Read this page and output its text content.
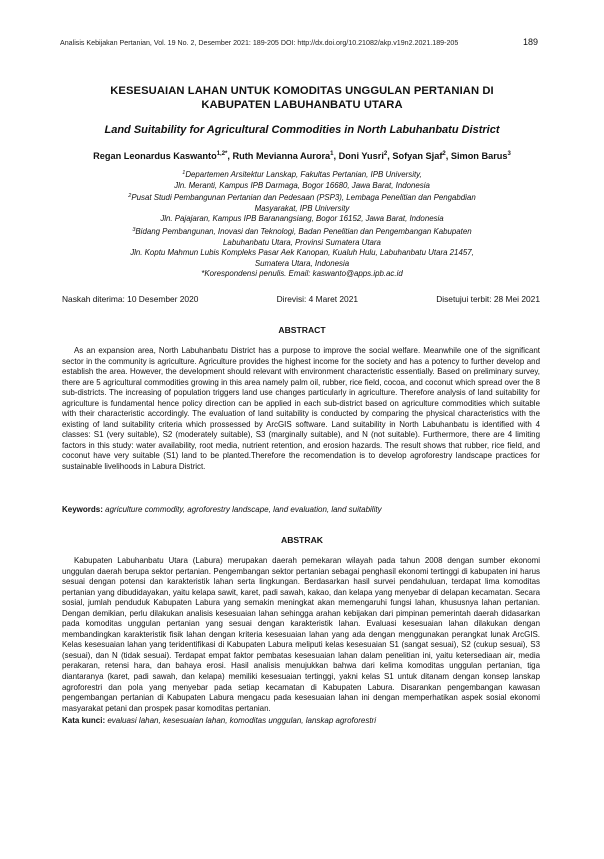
Analisis Kebijakan Pertanian, Vol. 19 No. 2, Desember 2021: 189-205 DOI: http://dx.doi.org/10.21082/akp.v19n2.2021.189-205	189
KESESUAIAN LAHAN UNTUK KOMODITAS UNGGULAN PERTANIAN DI
KABUPATEN LABUHANBATU UTARA
Land Suitability for Agricultural Commodities in North Labuhanbatu District
Regan Leonardus Kaswanto$^{1,2*}$, Ruth Mevianna Aurora$^1$, Doni Yusri$^2$, Sofyan Sjaf$^2$, Simon Barus$^3$

$^1$Departemen Arsitektur Lanskap, Fakultas Pertanian, IPB University,

Jln. Meranti, Kampus IPB Darmaga, Bogor 16680, Jawa Barat, Indonesia

$^2$Pusat Studi Pembangunan Pertanian dan Pedesaan (PSP3), Lembaga Penelitian dan Pengabdian

Masyarakat, IPB University

Jln. Pajajaran, Kampus IPB Baranangsiang, Bogor 16152, Jawa Barat, Indonesia

$^3$Bidang Pembangunan, Inovasi dan Teknologi, Badan Penelitian dan Pengembangan Kabupaten

Labuhanbatu Utara, Provinsi Sumatera Utara

Jln. Koptu Mahmun Lubis Kompleks Pasar Aek Kanopan, Kualuh Hulu, Labuhanbatu Utara 21457,

Sumatera Utara, Indonesia

*Korespondensi penulis. Email: kaswanto@apps.ipb.ac.id

Naskah diterima: 10 Desember 2020	Direvisi: 4 Maret 2021	Disetujui terbit: 28 Mei 2021
ABSTRACT

As an expansion area, North Labuhanbatu District has a purpose to improve the social welfare. Meanwhile one of the significant sector in the community is agriculture. Agriculture provides the highest income for the society and has a potency to further develop and establish the area. However, the development should relevant with environment characteristic essentially. Based on preliminary survey, there are 5 agricultural commodities growing in this area namely palm oil, rubber, rice field, cocoa, and coconut which spread over the 8 sub-districts. The increasing of population triggers land use changes particularly in agriculture. Therefore analysis of land suitability for agriculture is fundamental hence policy direction can be applied in each sub-district based on agriculture commodities which suitable with their characteristic accordingly. The evaluation of land suitability is conducted by comparing the physical characteristics with the existing of land suitability criteria which prossessed by ArcGIS software. Land suitability in North Labuhanbatu is identified with 4 classes: S1 (very suitable), S2 (moderately suitable), S3 (marginally suitable), and N (not suitable). Furthermore, there are 4 limiting factors in this study: water availability, root media, nutrient retention, and erosion hazards. The result shows that rubber, rice field, and coconut have very suitable (S1) land to be planted.Therefore the recomendation is to develop agroforestry landscape practices for sustainable livelihoods in Labura District.

Keywords: agriculture commodity, agroforestry landscape, land evaluation, land suitability
ABSTRAK

Kabupaten Labuhanbatu Utara (Labura) merupakan daerah pemekaran wilayah pada tahun 2008 dengan sumber ekonomi unggulan daerah berupa sektor pertanian. Pengembangan sektor pertanian sebagai penghasil ekonomi tertinggi di kabupaten ini harus sesuai dengan potensi dan karakteristik lahan serta lingkungan. Berdasarkan hasil survei pendahuluan, terdapat lima komoditas pertanian yang dibudidayakan, yaitu kelapa sawit, karet, padi sawah, kakao, dan kelapa yang menyebar di delapan kecamatan. Secara sosial, jumlah penduduk Kabupaten Labura yang semakin meningkat akan memengaruhi fungsi lahan, khususnya lahan pertanian. Dengan demikian, perlu dilakukan analisis kesesuaian lahan sehingga arahan kebijakan dari pimpinan pemerintah daerah didasarkan pada komoditas unggulan pertanian yang sesuai dengan karakteristik lahan. Evaluasi kesesuaian lahan dilakukan dengan membandingkan karakteristik fisik lahan dengan kriteria kesesuaian lahan yang ada dengan menggunakan perangkat lunak ArcGIS. Kelas kesesuaian lahan yang teridentifikasi di Kabupaten Labura meliputi kelas kesesuaian S1 (sangat sesuai), S2 (cukup sesuai), S3 (sesuai), dan N (tidak sesuai). Terdapat empat faktor pembatas kesesuaian lahan dalam penelitian ini, yaitu ketersediaan air, media perakaran, retensi hara, dan bahaya erosi. Hasil analisis menujukkan bahwa dari kelima komoditas unggulan pertanian, tiga diantaranya (karet, padi sawah, dan kelapa) memiliki kesesuaian tertinggi, yakni kelas S1 untuk ditanam dengan konsep lanskap agroforestri dan pola yang menyebar pada setiap kecamatan di Kabupaten Labura. Disarankan pengembangan kawasan pengembangan pertanian di Kabupaten Labura mengacu pada kesesuaian lahan ini dengan memperhatikan aspek sosial ekonomi masyarakat petani dan prospek pasar komoditas pertanian.

Kata kunci: evaluasi lahan, kesesuaian lahan, komoditas unggulan, lanskap agroforestri
